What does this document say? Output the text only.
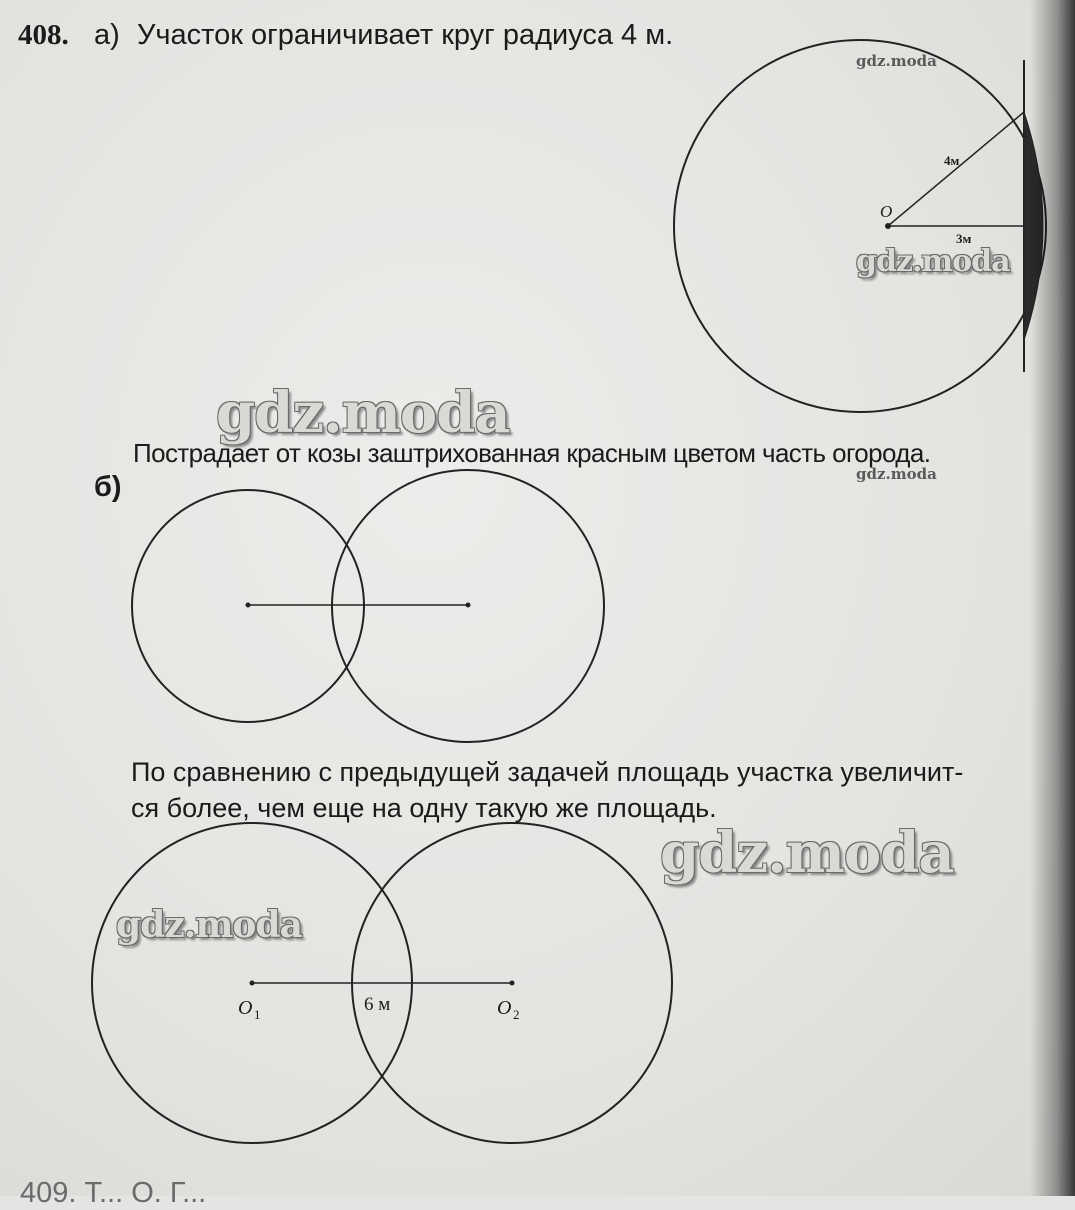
408. а) Участок ограничивает круг радиуса 4 м.
Пострадает от козы заштрихованная красным цветом часть огорода.
б)
По сравнению с предыдущей задачей площадь участка увеличит-
ся более, чем еще на одну такую же площадь.
409. Т... О. Г...
O
4м
3м
O 1	O 2
6 м
gdz.moda
gdz.moda
gdz.moda
gdz.moda
gdz.moda
gdz.moda
